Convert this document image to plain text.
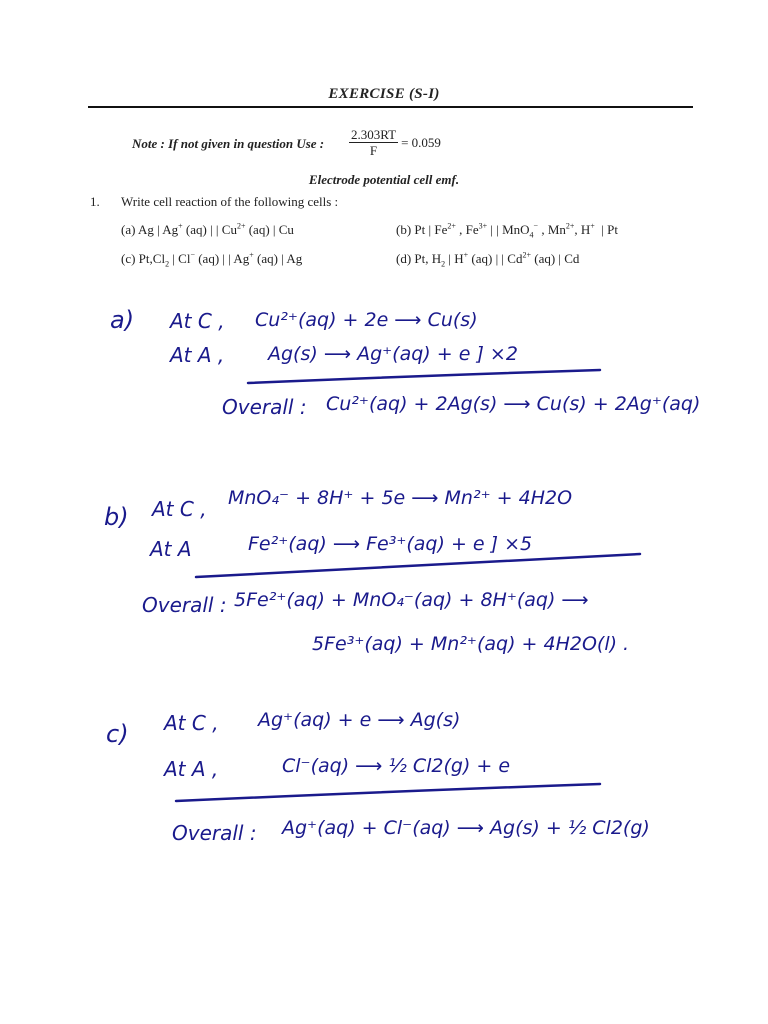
EXERCISE (S-I)
Note : If not given in question Use : $\frac{2.303RT}{F} = 0.059$
Electrode potential cell emf.
1. Write cell reaction of the following cells :
(a) Ag | Ag+ (aq) | | $Cu^{2+}$ (aq) | Cu	(b) Pt | $Fe^{2+}$ , $Fe^{3+}$ | | MnO$_4$− , $Mn^{2+}$, H+  | Pt
(c) $Pt,Cl_2$ | Cl− (aq) | | Ag+ (aq) | Ag	(d) Pt, $H_2$ | H+ (aq) | | $Cd^{2+}$ (aq) | Cd
a) At C , Cu²⁺(aq) + 2e ⟶ Cu(s)
At A , Ag(s) ⟶ Ag⁺(aq) + e ] ×2
Overall : Cu²⁺(aq) + 2Ag(s) ⟶ Cu(s) + 2Ag⁺(aq)
b) At C , MnO₄⁻ + 8H⁺ + 5e ⟶ Mn²⁺ + 4H2O
At A	Fe²⁺(aq) ⟶ Fe³⁺(aq) + e ] ×5
Overall : 5Fe²⁺(aq) + MnO₄⁻(aq) + 8H⁺(aq) ⟶
5Fe³⁺(aq) + Mn²⁺(aq) + 4H2O(l) .
c) At C , Ag⁺(aq) + e ⟶ Ag(s)
At A ,	Cl⁻(aq) ⟶ ½ Cl2(g) + e
Overall : Ag⁺(aq) + Cl⁻(aq) ⟶ Ag(s) + ½ Cl2(g)
